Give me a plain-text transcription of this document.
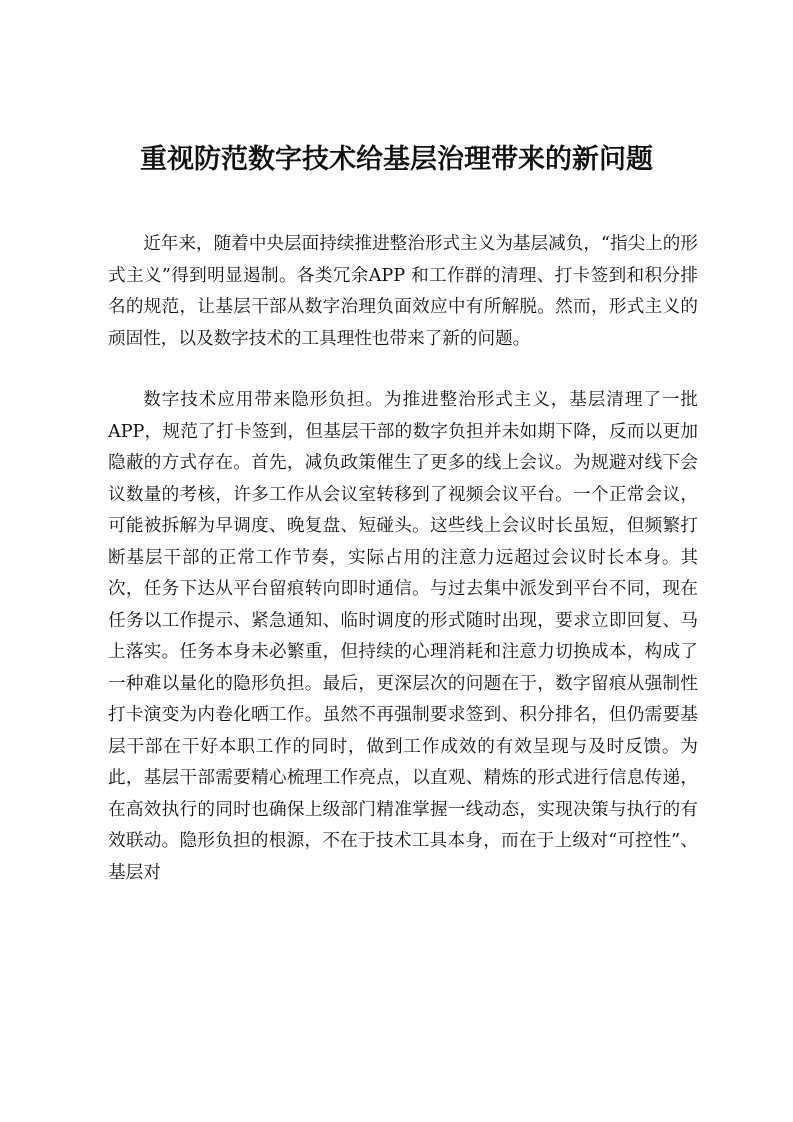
重视防范数字技术给基层治理带来的新问题

近年来，随着中央层面持续推进整治形式主义为基层减负，“指尖上的形式主义”得到明显遏制。各类冗余APP 和工作群的清理、打卡签到和积分排名的规范，让基层干部从数字治理负面效应中有所解脱。然而，形式主义的顽固性，以及数字技术的工具理性也带来了新的问题。

数字技术应用带来隐形负担。为推进整治形式主义，基层清理了一批APP，规范了打卡签到，但基层干部的数字负担并未如期下降，反而以更加隐蔽的方式存在。首先，减负政策催生了更多的线上会议。为规避对线下会议数量的考核，许多工作从会议室转移到了视频会议平台。一个正常会议，可能被拆解为早调度、晚复盘、短碰头。这些线上会议时长虽短，但频繁打断基层干部的正常工作节奏，实际占用的注意力远超过会议时长本身。其次，任务下达从平台留痕转向即时通信。与过去集中派发到平台不同，现在任务以工作提示、紧急通知、临时调度的形式随时出现，要求立即回复、马上落实。任务本身未必繁重，但持续的心理消耗和注意力切换成本，构成了一种难以量化的隐形负担。最后，更深层次的问题在于，数字留痕从强制性打卡演变为内卷化晒工作。虽然不再强制要求签到、积分排名，但仍需要基层干部在干好本职工作的同时，做到工作成效的有效呈现与及时反馈。为此，基层干部需要精心梳理工作亮点，以直观、精炼的形式进行信息传递，在高效执行的同时也确保上级部门精准掌握一线动态，实现决策与执行的有效联动。隐形负担的根源，不在于技术工具本身，而在于上级对“可控性”、基层对
